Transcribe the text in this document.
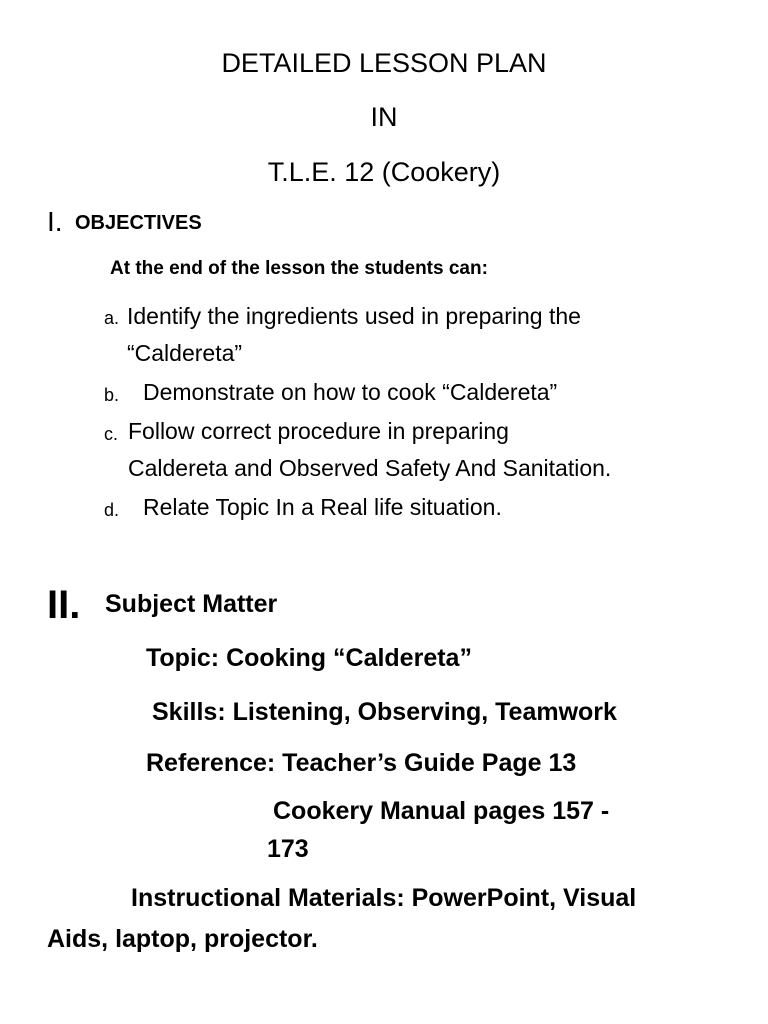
DETAILED LESSON PLAN
IN
T.L.E. 12 (Cookery)
I. OBJECTIVES
At the end of the lesson the students can:
a. Identify the ingredients used in preparing the
“Caldereta”
b. Demonstrate on how to cook “Caldereta”
c. Follow correct procedure in preparing
Caldereta and Observed Safety And Sanitation.
d. Relate Topic In a Real life situation.
II. Subject Matter
Topic: Cooking “Caldereta”
Skills: Listening, Observing, Teamwork
Reference: Teacher’s Guide Page 13
Cookery Manual pages 157 -
173
Instructional Materials: PowerPoint, Visual
Aids, laptop, projector.
